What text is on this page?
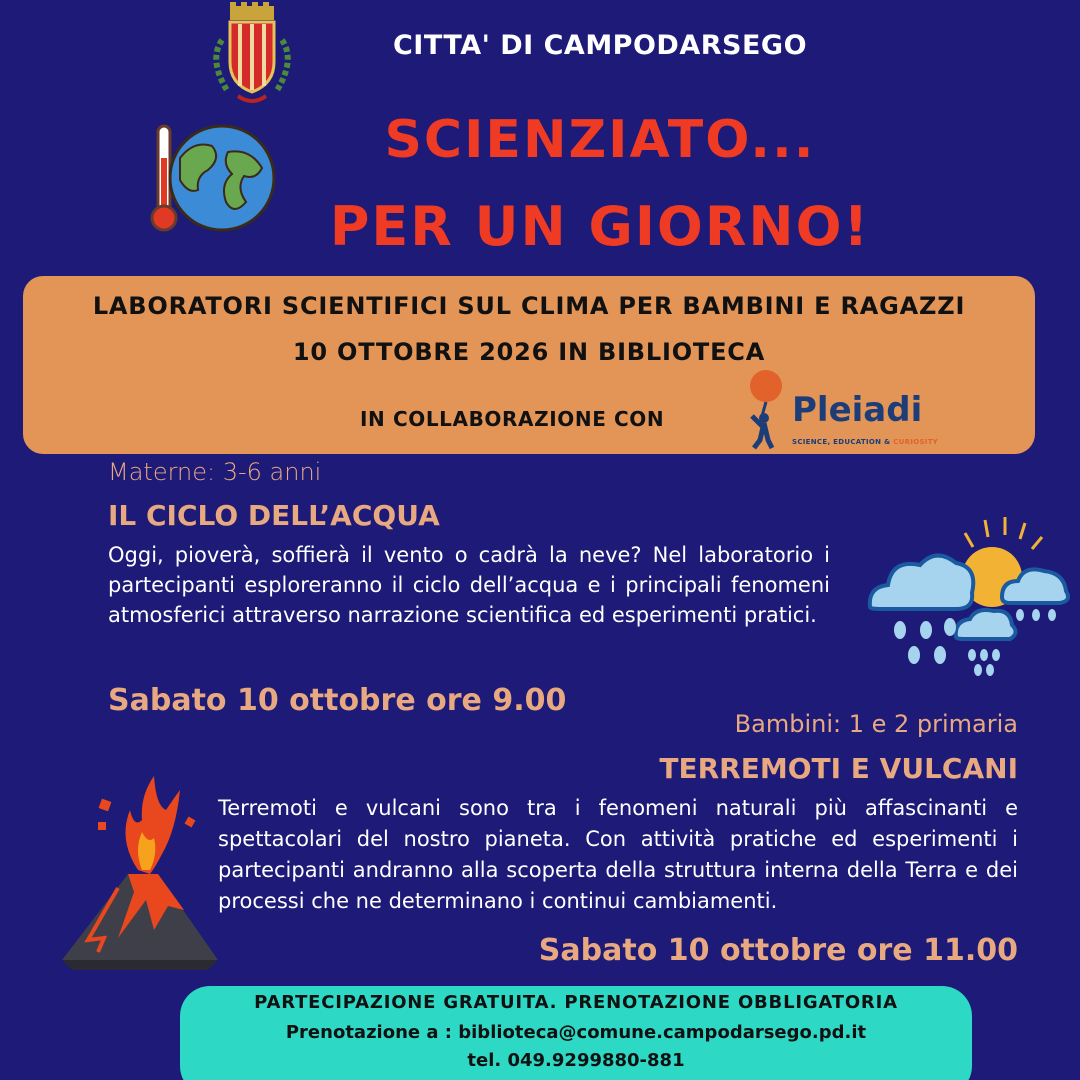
CITTA' DI CAMPODARSEGO
SCIENZIATO...
PER UN GIORNO!
LABORATORI SCIENTIFICI SUL CLIMA PER BAMBINI E RAGAZZI
10 OTTOBRE 2026 IN BIBLIOTECA
IN COLLABORAZIONE CON	Pleiadi
SCIENCE, EDUCATION & CURIOSITY
Materne: 3-6 anni
IL CICLO DELL’ACQUA
Oggi, pioverà, soffierà il vento o cadrà la neve? Nel laboratorio i partecipanti esploreranno il ciclo dell’acqua e i principali fenomeni atmosferici attraverso narrazione scientifica ed esperimenti pratici.
Sabato 10 ottobre ore 9.00
Bambini: 1 e 2 primaria
TERREMOTI E VULCANI
Terremoti e vulcani sono tra i fenomeni naturali più affascinanti e spettacolari del nostro pianeta. Con attività pratiche ed esperimenti i partecipanti andranno alla scoperta della struttura interna della Terra e dei processi che ne determinano i continui cambiamenti.
Sabato 10 ottobre ore 11.00
PARTECIPAZIONE GRATUITA. PRENOTAZIONE OBBLIGATORIA
Prenotazione a : biblioteca@comune.campodarsego.pd.it
tel. 049.9299880-881
